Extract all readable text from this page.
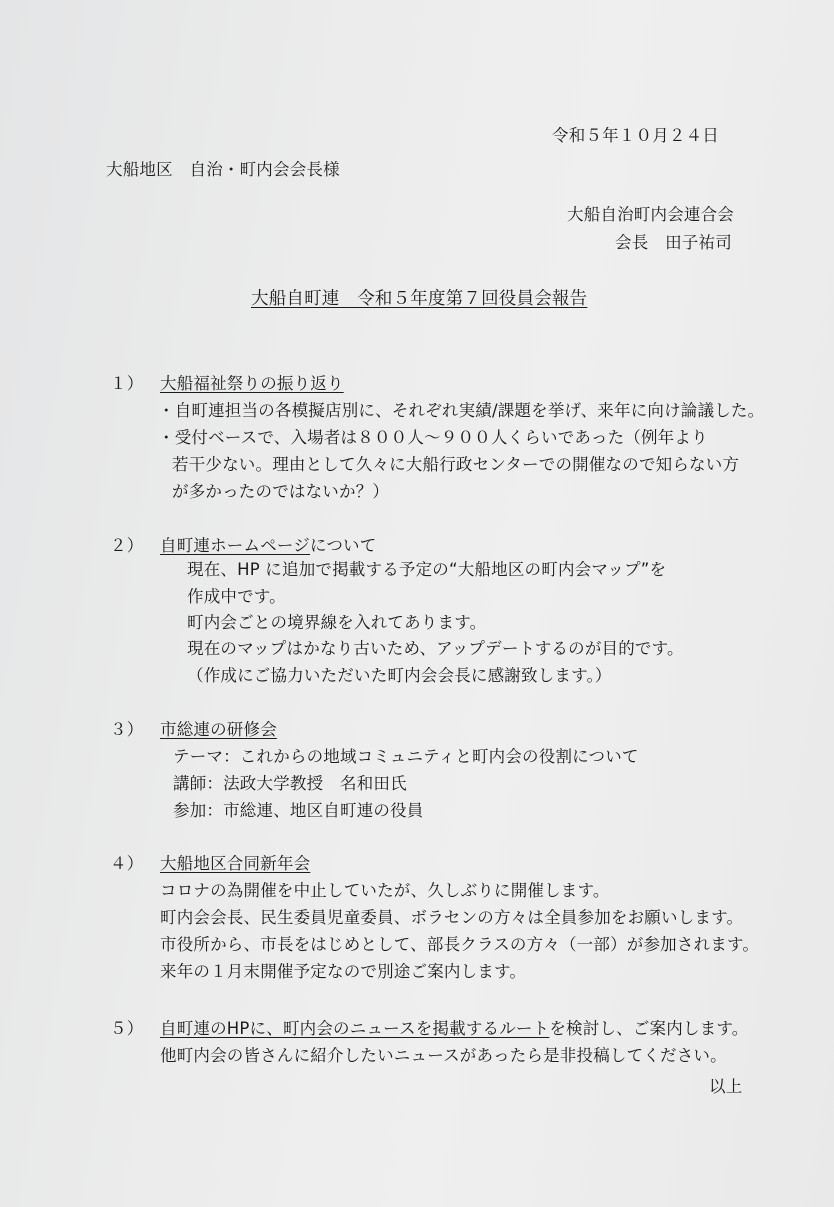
令和５年１０月２４日
大船地区　自治・町内会会長様
大船自治町内会連合会
会長　田子祐司
大船自町連　令和５年度第７回役員会報告
１） 大船福祉祭りの振り返り
・自町連担当の各模擬店別に、それぞれ実績/課題を挙げ、来年に向け論議した。
・受付ベースで、入場者は８００人～９００人くらいであった（例年より
若干少ない。理由として久々に大船行政センターでの開催なので知らない方
が多かったのではないか？）
２） 自町連ホームページについて
現在、HP に追加で掲載する予定の“大船地区の町内会マップ”を
作成中です。
町内会ごとの境界線を入れてあります。
現在のマップはかなり古いため、アップデートするのが目的です。
（作成にご協力いただいた町内会会長に感謝致します。）
３） 市総連の研修会
テーマ：これからの地域コミュニティと町内会の役割について
講師：法政大学教授　名和田氏
参加：市総連、地区自町連の役員
４） 大船地区合同新年会
コロナの為開催を中止していたが、久しぶりに開催します。
町内会会長、民生委員児童委員、ボラセンの方々は全員参加をお願いします。
市役所から、市長をはじめとして、部長クラスの方々（一部）が参加されます。
来年の１月末開催予定なので別途ご案内します。
５） 自町連のHPに、町内会のニュースを掲載するルートを検討し、ご案内します。
他町内会の皆さんに紹介したいニュースがあったら是非投稿してください。
以上
